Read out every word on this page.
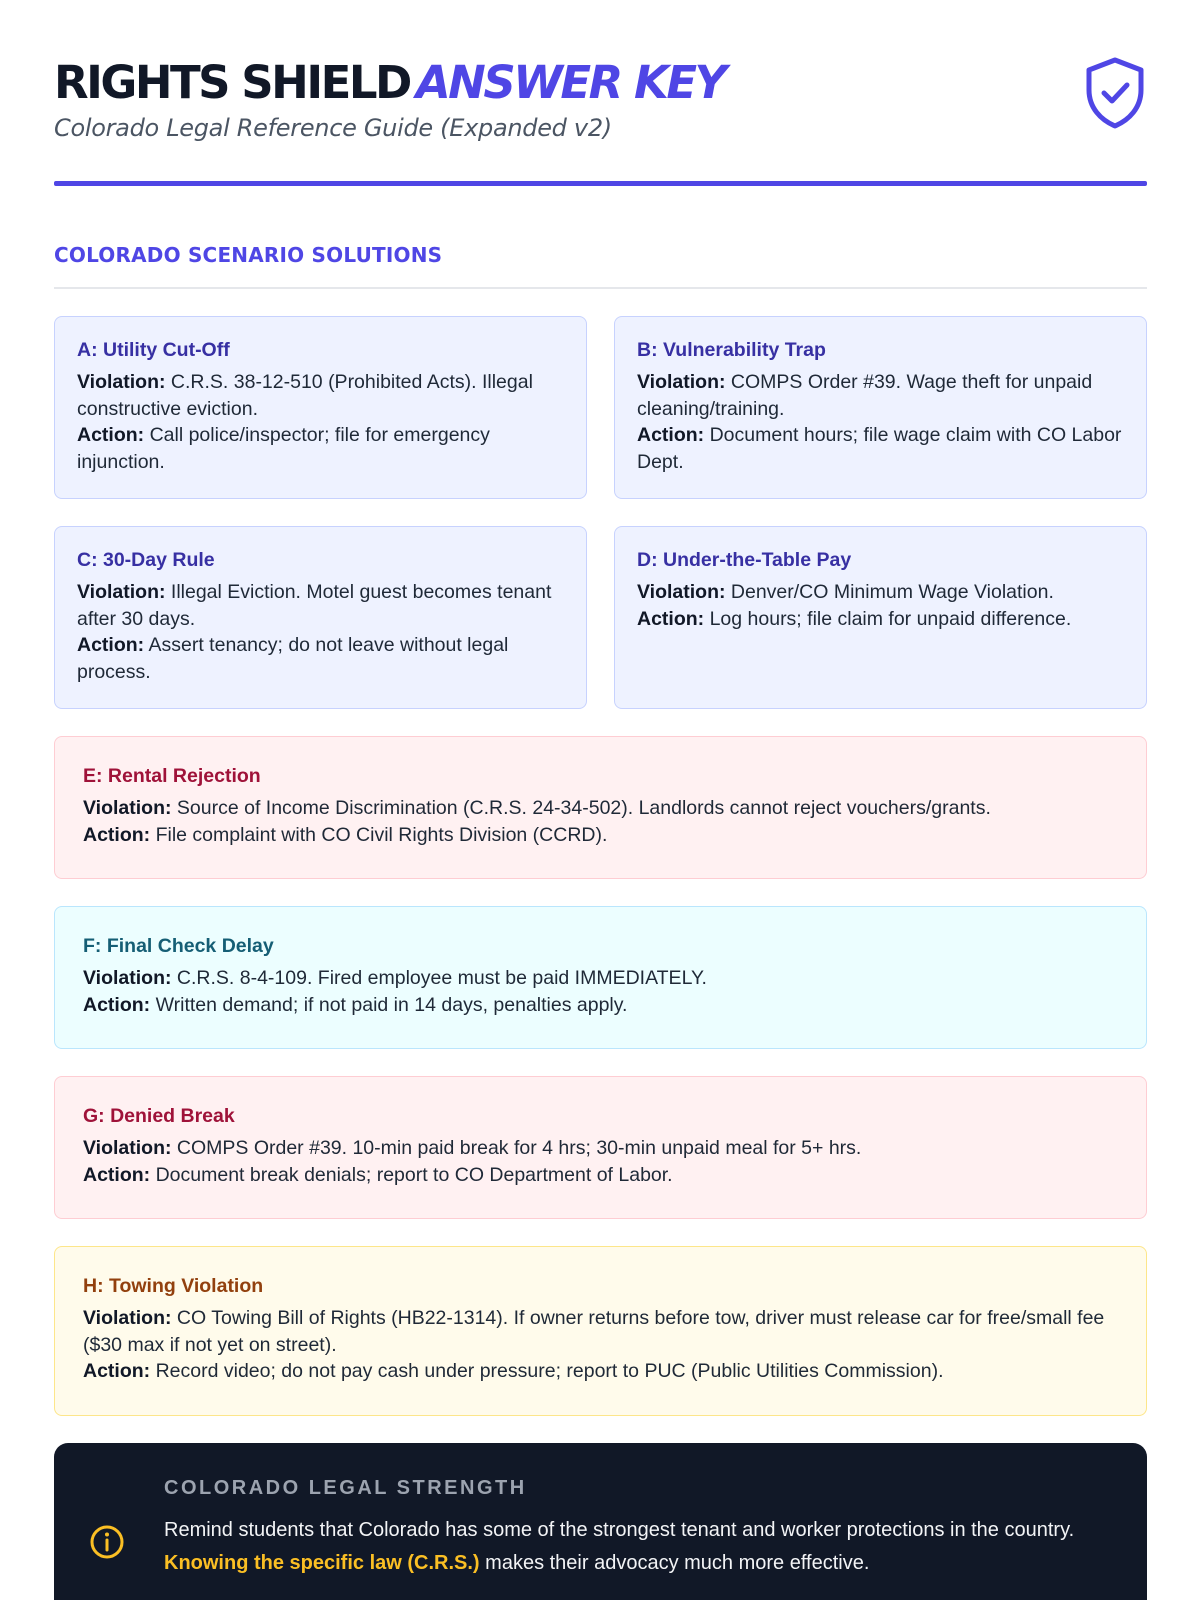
RIGHTS SHIELD ANSWER KEY
Colorado Legal Reference Guide (Expanded v2)
COLORADO SCENARIO SOLUTIONS
A: Utility Cut-Off

Violation: C.R.S. 38-12-510 (Prohibited Acts). Illegal constructive eviction.

Action: Call police/inspector; file for emergency injunction.

B: Vulnerability Trap

Violation: COMPS Order #39. Wage theft for unpaid cleaning/training.

Action: Document hours; file wage claim with CO Labor Dept.

C: 30-Day Rule

Violation: Illegal Eviction. Motel guest becomes tenant after 30 days.

Action: Assert tenancy; do not leave without legal process.

D: Under-the-Table Pay

Violation: Denver/CO Minimum Wage Violation.

Action: Log hours; file claim for unpaid difference.

E: Rental Rejection

Violation: Source of Income Discrimination (C.R.S. 24-34-502). Landlords cannot reject vouchers/grants.

Action: File complaint with CO Civil Rights Division (CCRD).

F: Final Check Delay

Violation: C.R.S. 8-4-109. Fired employee must be paid IMMEDIATELY.

Action: Written demand; if not paid in 14 days, penalties apply.

G: Denied Break

Violation: COMPS Order #39. 10-min paid break for 4 hrs; 30-min unpaid meal for 5+ hrs.

Action: Document break denials; report to CO Department of Labor.

H: Towing Violation

Violation: CO Towing Bill of Rights (HB22-1314). If owner returns before tow, driver must release car for free/small fee ($30 max if not yet on street).

Action: Record video; do not pay cash under pressure; report to PUC (Public Utilities Commission).

COLORADO LEGAL STRENGTH
Remind students that Colorado has some of the strongest tenant and worker protections in the country. Knowing the specific law (C.R.S.) makes their advocacy much more effective.
